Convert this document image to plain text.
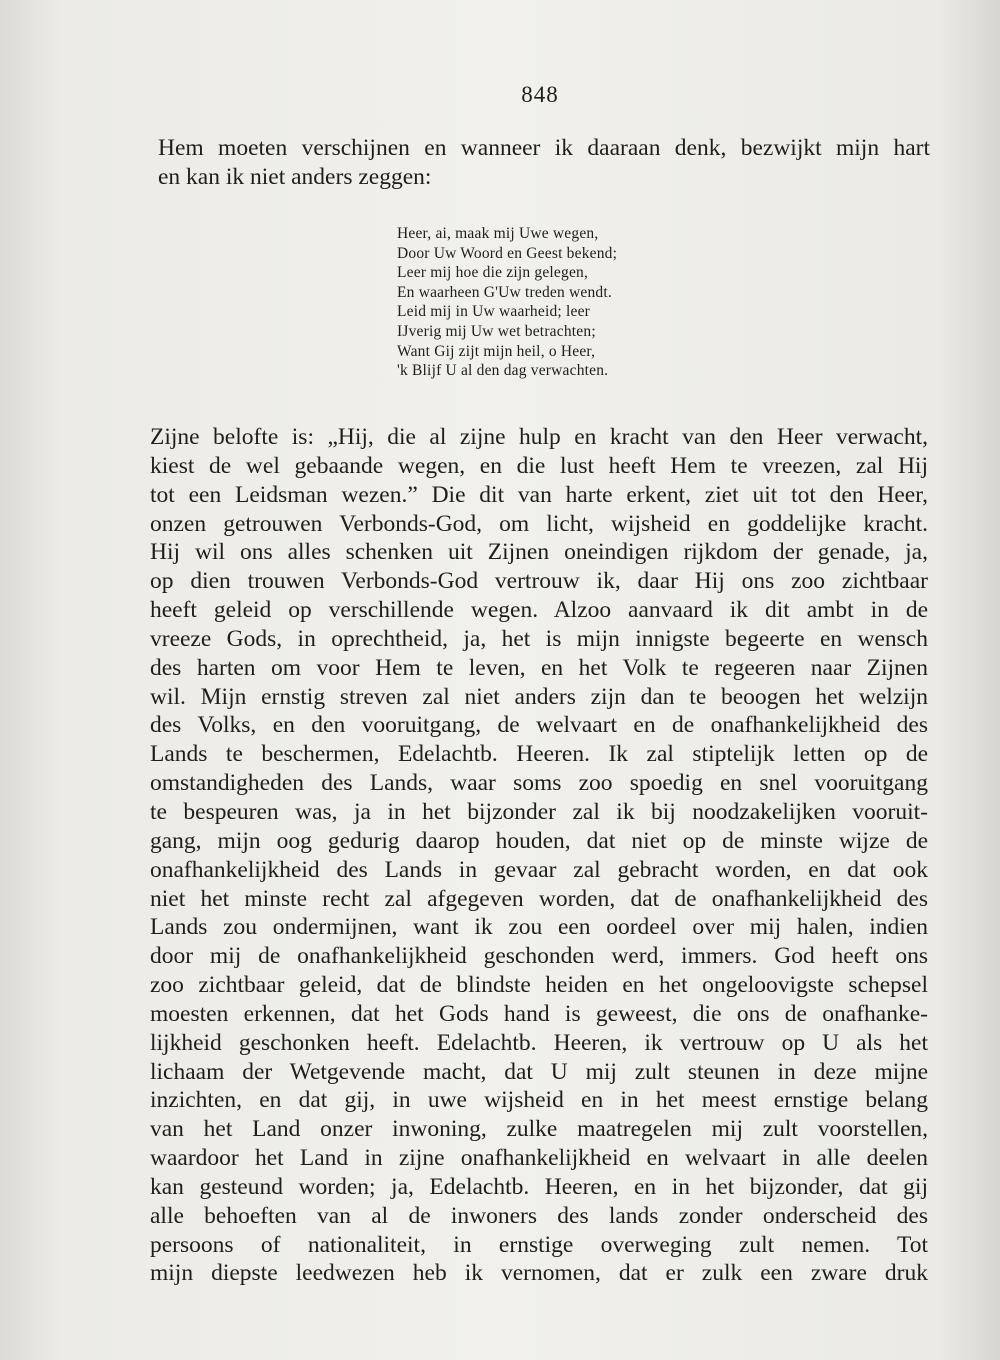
848
Hem moeten verschijnen en wanneer ik daaraan denk, bezwijkt mijn hart
en kan ik niet anders zeggen:
Heer, ai, maak mij Uwe wegen,
Door Uw Woord en Geest bekend;
Leer mij hoe die zijn gelegen,
En waarheen G'Uw treden wendt.
Leid mij in Uw waarheid; leer
IJverig mij Uw wet betrachten;
Want Gij zijt mijn heil, o Heer,
'k Blijf U al den dag verwachten.
Zijne belofte is: „Hij, die al zijne hulp en kracht van den Heer verwacht,
kiest de wel gebaande wegen, en die lust heeft Hem te vreezen, zal Hij
tot een Leidsman wezen.” Die dit van harte erkent, ziet uit tot den Heer,
onzen getrouwen Verbonds-God, om licht, wijsheid en goddelijke kracht.
Hij wil ons alles schenken uit Zijnen oneindigen rijkdom der genade, ja,
op dien trouwen Verbonds-God vertrouw ik, daar Hij ons zoo zichtbaar
heeft geleid op verschillende wegen. Alzoo aanvaard ik dit ambt in de
vreeze Gods, in oprechtheid, ja, het is mijn innigste begeerte en wensch
des harten om voor Hem te leven, en het Volk te regeeren naar Zijnen
wil. Mijn ernstig streven zal niet anders zijn dan te beoogen het welzijn
des Volks, en den vooruitgang, de welvaart en de onafhankelijkheid des
Lands te beschermen, Edelachtb. Heeren. Ik zal stiptelijk letten op de
omstandigheden des Lands, waar soms zoo spoedig en snel vooruitgang
te bespeuren was, ja in het bijzonder zal ik bij noodzakelijken vooruit-
gang, mijn oog gedurig daarop houden, dat niet op de minste wijze de
onafhankelijkheid des Lands in gevaar zal gebracht worden, en dat ook
niet het minste recht zal afgegeven worden, dat de onafhankelijkheid des
Lands zou ondermijnen, want ik zou een oordeel over mij halen, indien
door mij de onafhankelijkheid geschonden werd, immers. God heeft ons
zoo zichtbaar geleid, dat de blindste heiden en het ongeloovigste schepsel
moesten erkennen, dat het Gods hand is geweest, die ons de onafhanke-
lijkheid geschonken heeft. Edelachtb. Heeren, ik vertrouw op U als het
lichaam der Wetgevende macht, dat U mij zult steunen in deze mijne
inzichten, en dat gij, in uwe wijsheid en in het meest ernstige belang
van het Land onzer inwoning, zulke maatregelen mij zult voorstellen,
waardoor het Land in zijne onafhankelijkheid en welvaart in alle deelen
kan gesteund worden; ja, Edelachtb. Heeren, en in het bijzonder, dat gij
alle behoeften van al de inwoners des lands zonder onderscheid des
persoons of nationaliteit, in ernstige overweging zult nemen. Tot
mijn diepste leedwezen heb ik vernomen, dat er zulk een zware druk
